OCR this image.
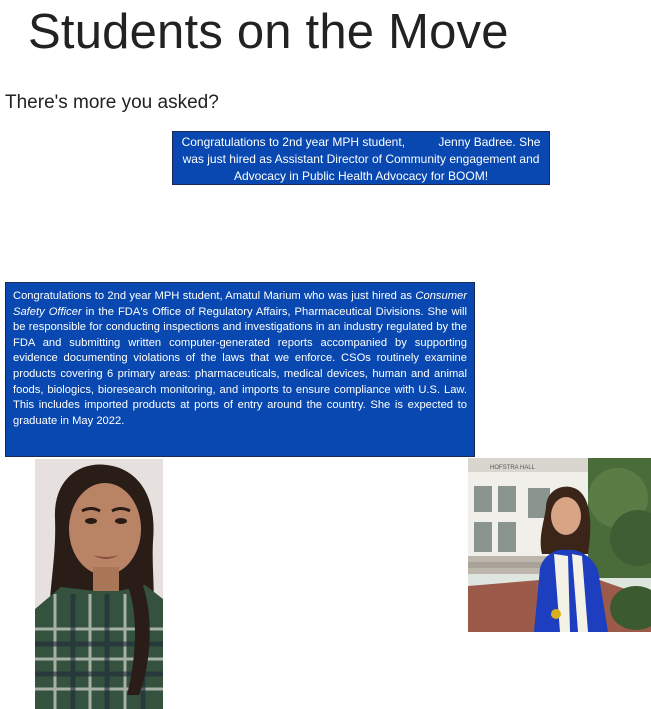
Students on the Move
There's more you asked?
Congratulations to 2nd year MPH student,          Jenny Badree. She was just hired as Assistant Director of Community engagement and Advocacy in Public Health Advocacy for BOOM!
Congratulations to 2nd year MPH student, Amatul Marium who was just hired as Consumer Safety Officer in the FDA's Office of Regulatory Affairs, Pharmaceutical Divisions. She will be responsible for conducting inspections and investigations in an industry regulated by the FDA and submitting written computer-generated reports accompanied by supporting evidence documenting violations of the laws that we enforce. CSOs routinely examine products covering 6 primary areas: pharmaceuticals, medical devices, human and animal foods, biologics, bioresearch monitoring, and imports to ensure compliance with U.S. Law. This includes imported products at ports of entry around the country. She is expected to graduate in May 2022.
HOFSTRA HALL
